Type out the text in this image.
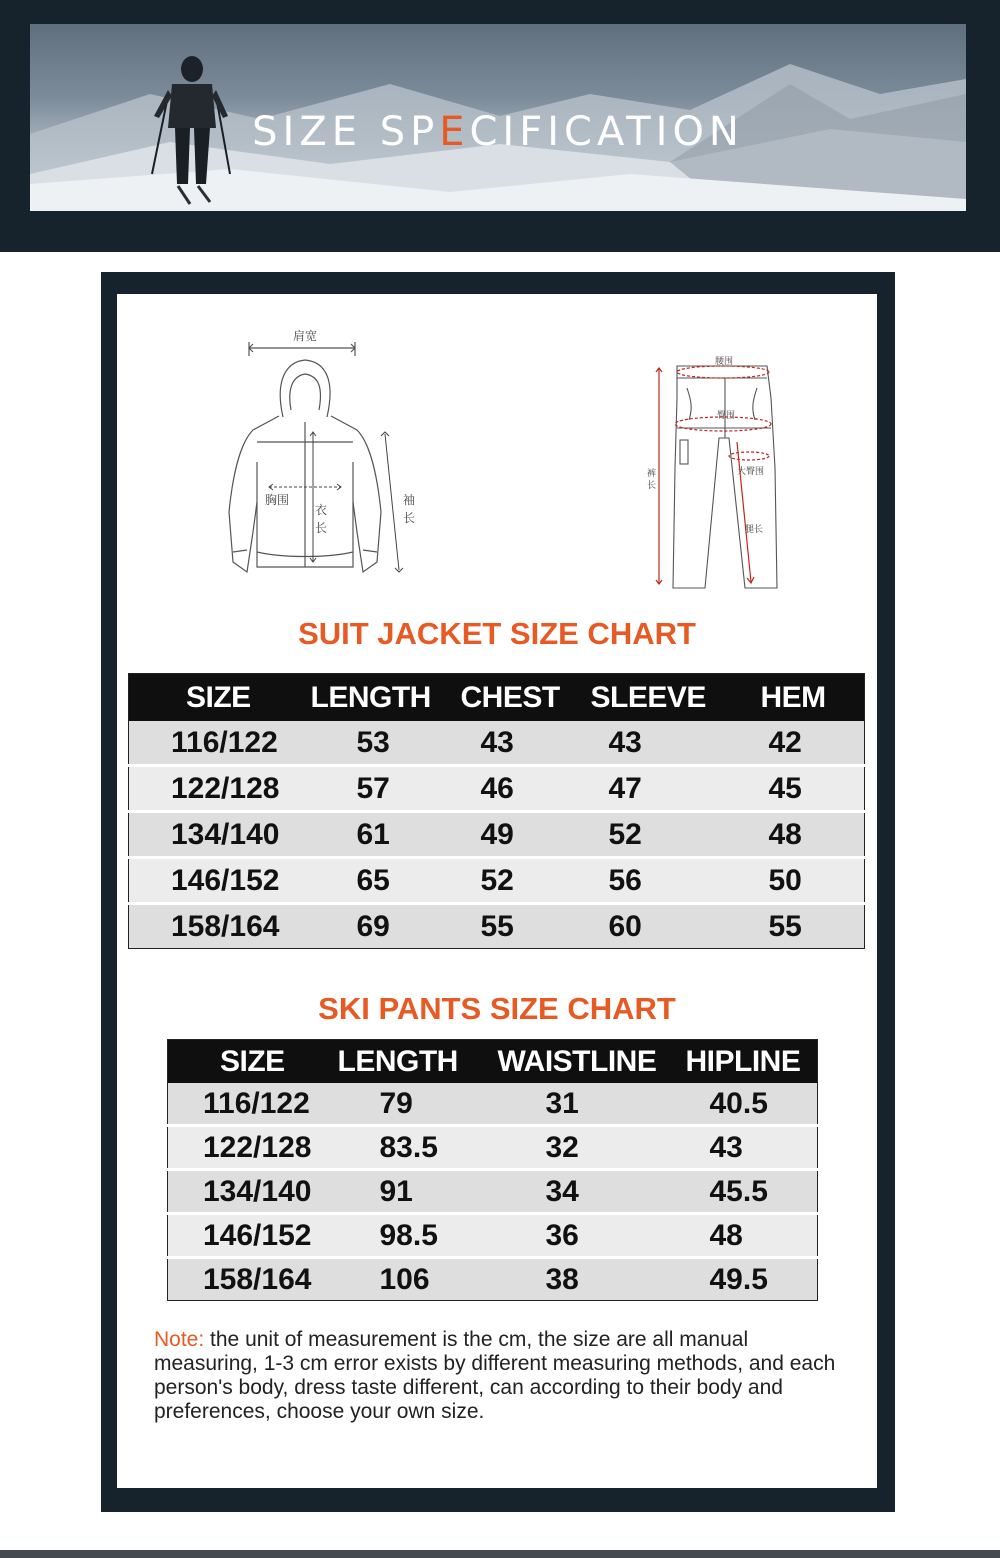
SIZE SPECIFICATION
肩宽
胸围
衣
长
袖
长
腰围
臀围
大臀围
裤
长
腿长
SUIT JACKET SIZE CHART
SIZE	LENGTH	CHEST	SLEEVE	HEM
116/122	53	43	43	42
122/128	57	46	47	45
134/140	61	49	52	48
146/152	65	52	56	50
158/164	69	55	60	55
SKI PANTS SIZE CHART
SIZE	LENGTH	WAISTLINE	HIPLINE
116/122	79	31	40.5
122/128	83.5	32	43
134/140	91	34	45.5
146/152	98.5	36	48
158/164	106	38	49.5
Note: the unit of measurement is the cm, the size are all manual measuring, 1-3 cm error exists by different measuring methods, and each person's body, dress taste different, can according to their body and preferences, choose your own size.
